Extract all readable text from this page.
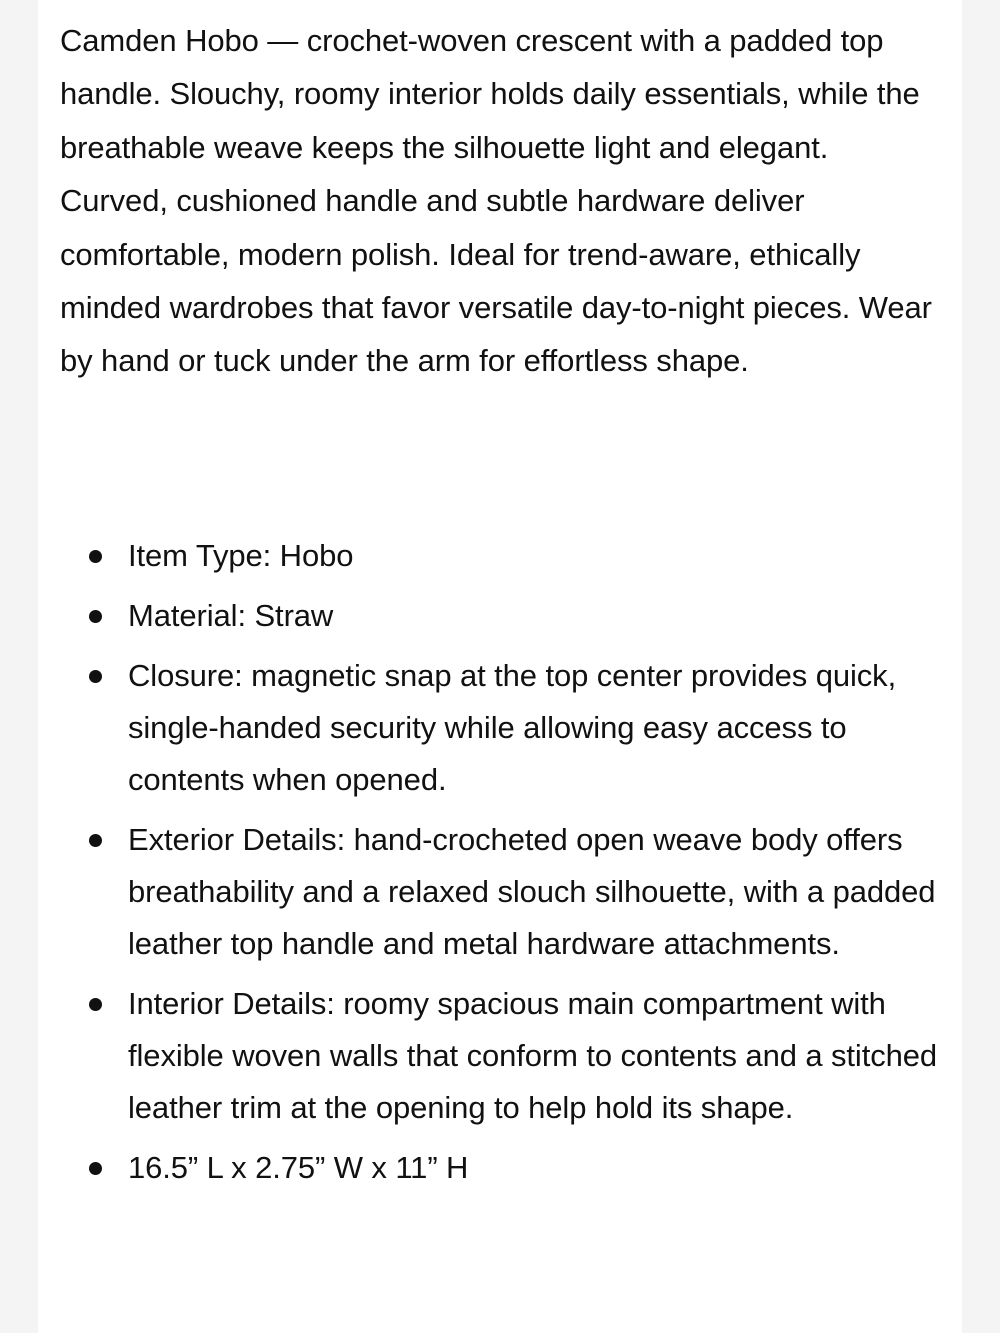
Camden Hobo — crochet-woven crescent with a padded top handle. Slouchy, roomy interior holds daily essentials, while the breathable weave keeps the silhouette light and elegant. Curved, cushioned handle and subtle hardware deliver comfortable, modern polish. Ideal for trend-aware, ethically minded wardrobes that favor versatile day-to-night pieces. Wear by hand or tuck under the arm for effortless shape.

Item Type: Hobo
Material: Straw
Closure: magnetic snap at the top center provides quick, single-handed security while allowing easy access to contents when opened.
Exterior Details: hand-crocheted open weave body offers breathability and a relaxed slouch silhouette, with a padded leather top handle and metal hardware attachments.
Interior Details: roomy spacious main compartment with flexible woven walls that conform to contents and a stitched leather trim at the opening to help hold its shape.
16.5” L x 2.75” W x 11” H
